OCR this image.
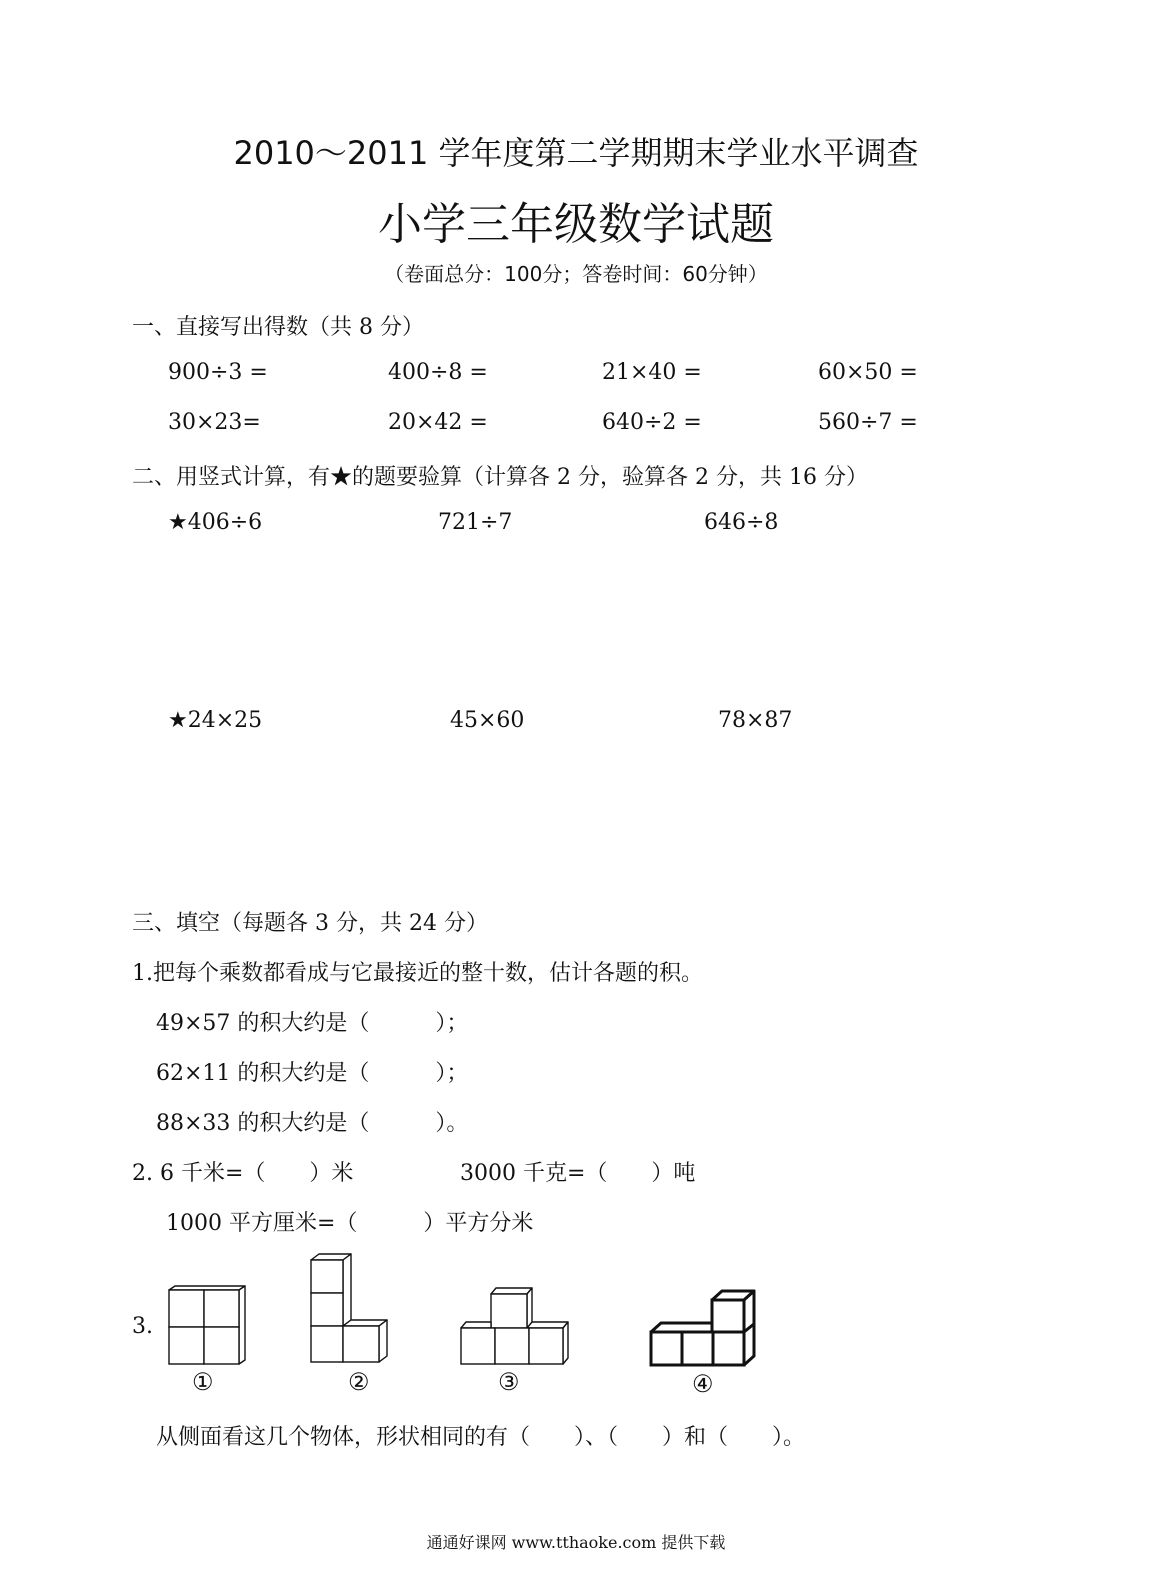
2010～2011 学年度第二学期期末学业水平调查
小学三年级数学试题
（卷面总分：100分；答卷时间：60分钟）
一、直接写出得数（共 8 分）
900÷3 =	400÷8 =	21×40 =	60×50 =
30×23=	20×42 =	640÷2 =	560÷7 =
二、用竖式计算，有★的题要验算（计算各 2 分，验算各 2 分，共 16 分）
★406÷6	721÷7	646÷8
★24×25	45×60	78×87
三、填空（每题各 3 分，共 24 分）
1.把每个乘数都看成与它最接近的整十数，估计各题的积。
49×57 的积大约是（　　　）；
62×11 的积大约是（　　　）；
88×33 的积大约是（　　　）。
2. 6 千米=（　　）米	3000 千克=（　　）吨
1000 平方厘米=（　　　）平方分米
3.
①	②	③	④
从侧面看这几个物体，形状相同的有（　　）、（　　）和（　　）。
通通好课网 www.tthaoke.com 提供下载
